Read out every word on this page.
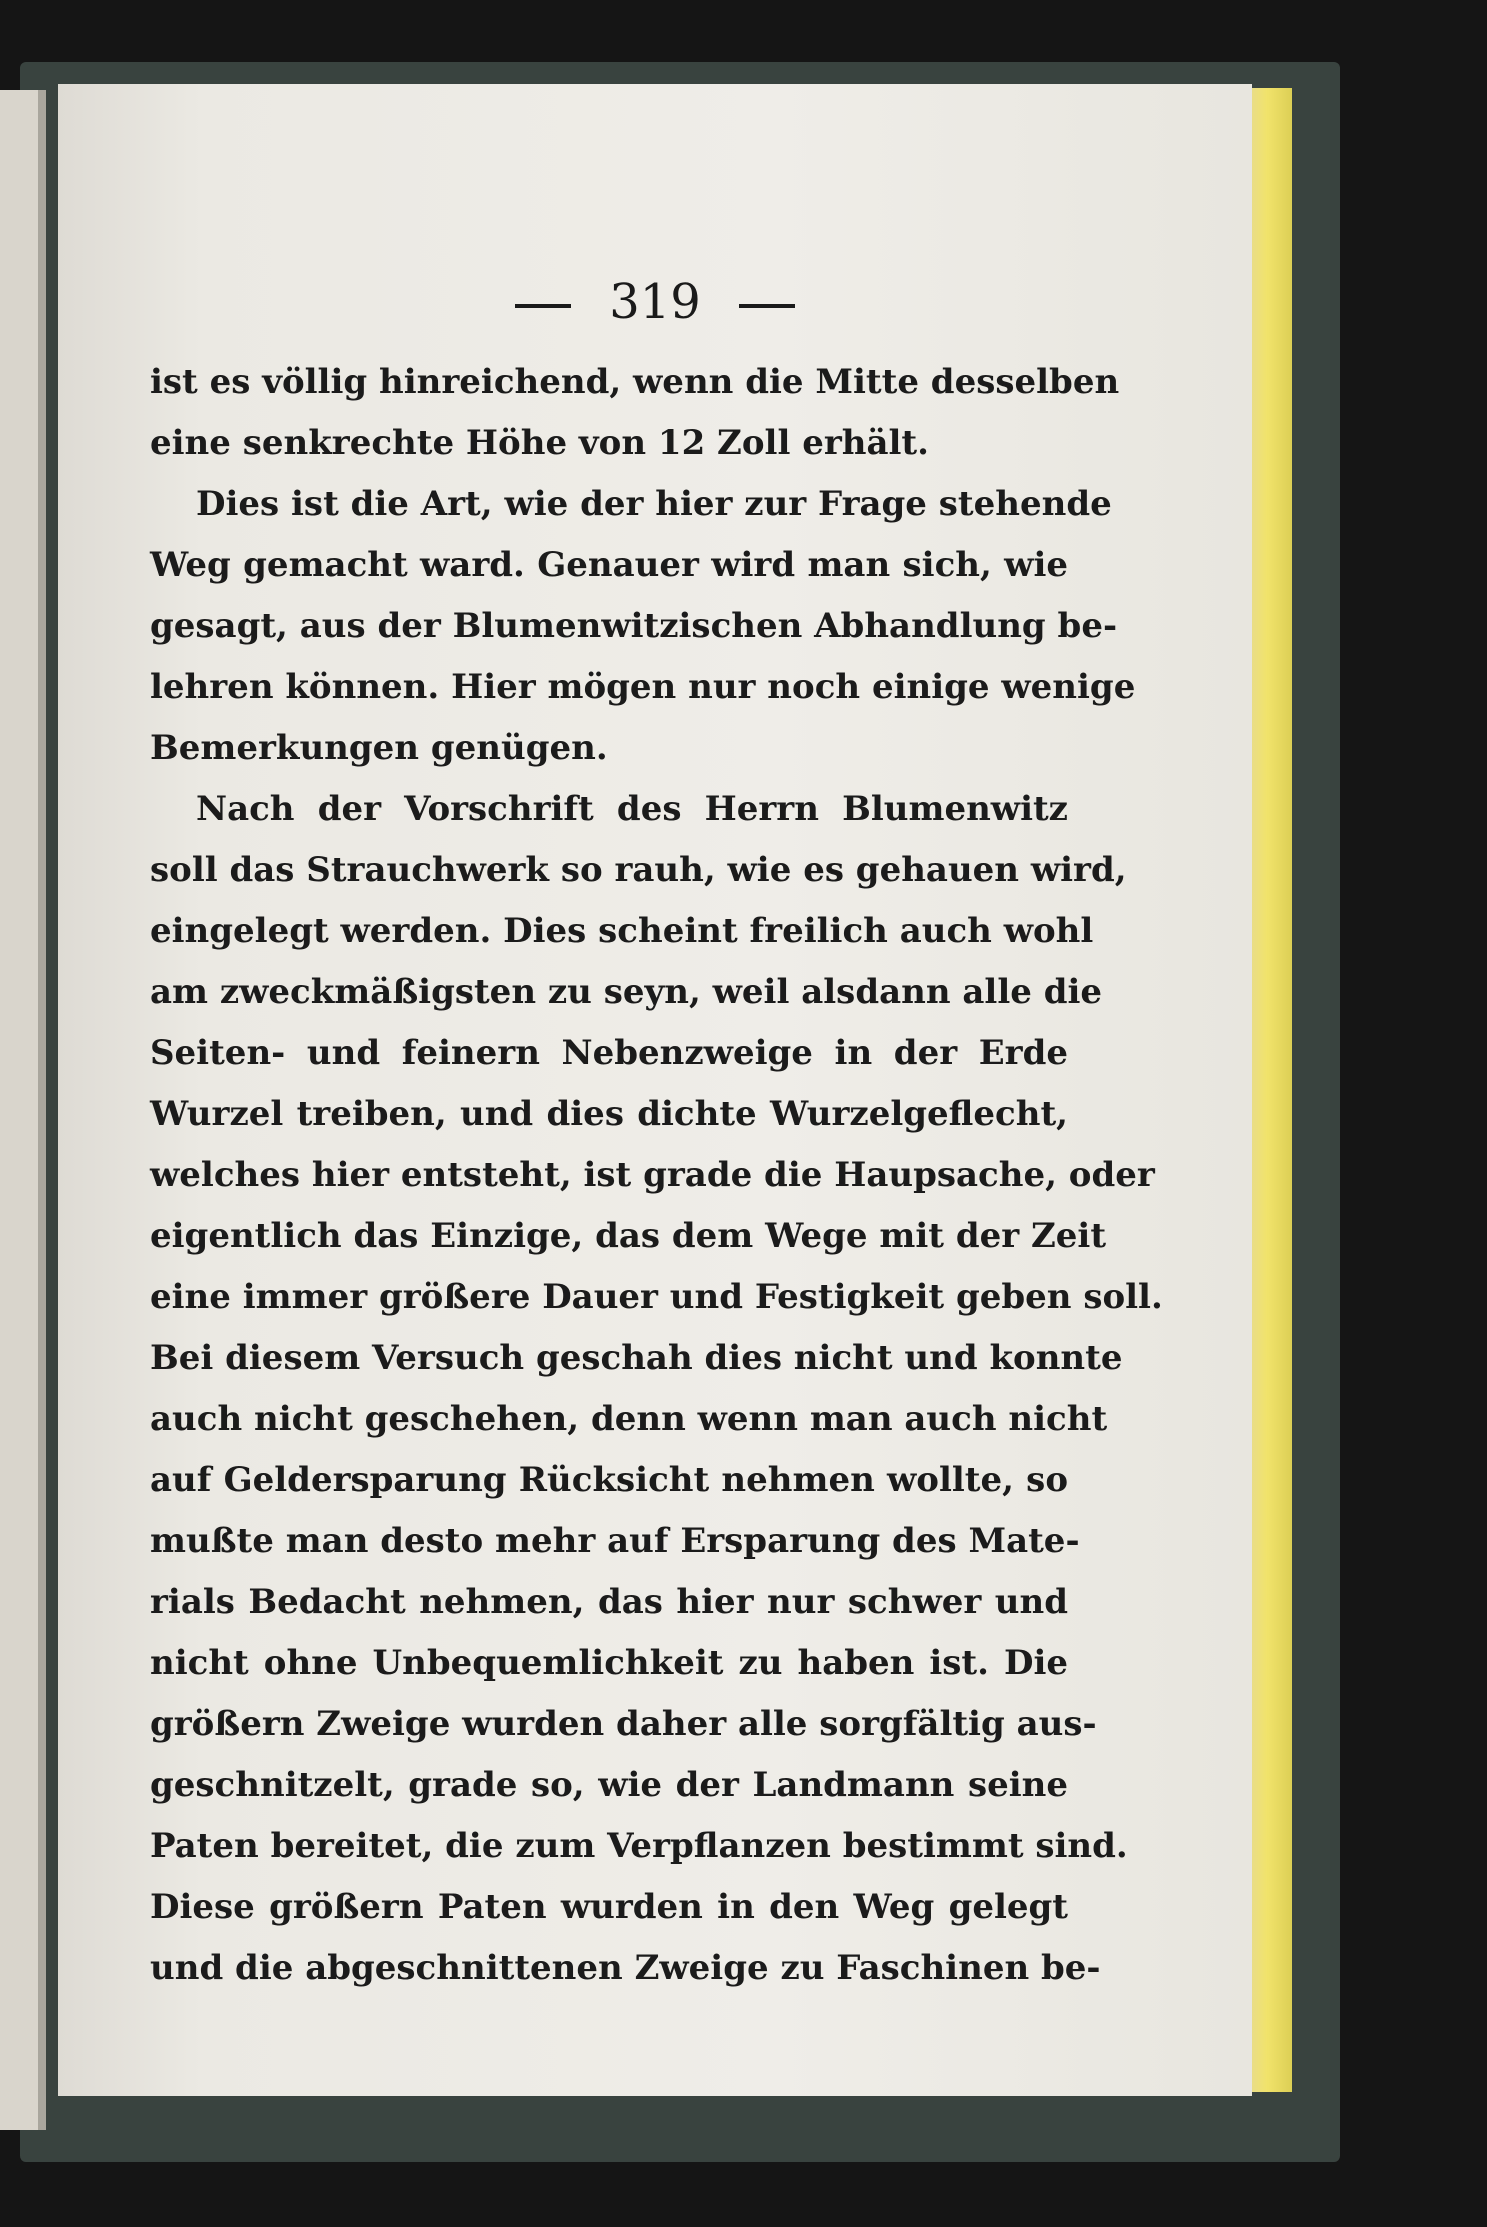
319
ist es völlig hinreichend, wenn die Mitte desselben
eine senkrechte Höhe von 12 Zoll erhält.
Dies ist die Art, wie der hier zur Frage stehende
Weg gemacht ward. Genauer wird man sich, wie
gesagt, aus der Blumenwitzischen Abhandlung be-
lehren können. Hier mögen nur noch einige wenige
Bemerkungen genügen.
Nach der Vorschrift des Herrn Blumenwitz
soll das Strauchwerk so rauh, wie es gehauen wird,
eingelegt werden. Dies scheint freilich auch wohl
am zweckmäßigsten zu seyn, weil alsdann alle die
Seiten- und feinern Nebenzweige in der Erde
Wurzel treiben, und dies dichte Wurzelgeflecht,
welches hier entsteht, ist grade die Haupsache, oder
eigentlich das Einzige, das dem Wege mit der Zeit
eine immer größere Dauer und Festigkeit geben soll.
Bei diesem Versuch geschah dies nicht und konnte
auch nicht geschehen, denn wenn man auch nicht
auf Geldersparung Rücksicht nehmen wollte, so
mußte man desto mehr auf Ersparung des Mate-
rials Bedacht nehmen, das hier nur schwer und
nicht ohne Unbequemlichkeit zu haben ist. Die
größern Zweige wurden daher alle sorgfältig aus-
geschnitzelt, grade so, wie der Landmann seine
Paten bereitet, die zum Verpflanzen bestimmt sind.
Diese größern Paten wurden in den Weg gelegt
und die abgeschnittenen Zweige zu Faschinen be-
